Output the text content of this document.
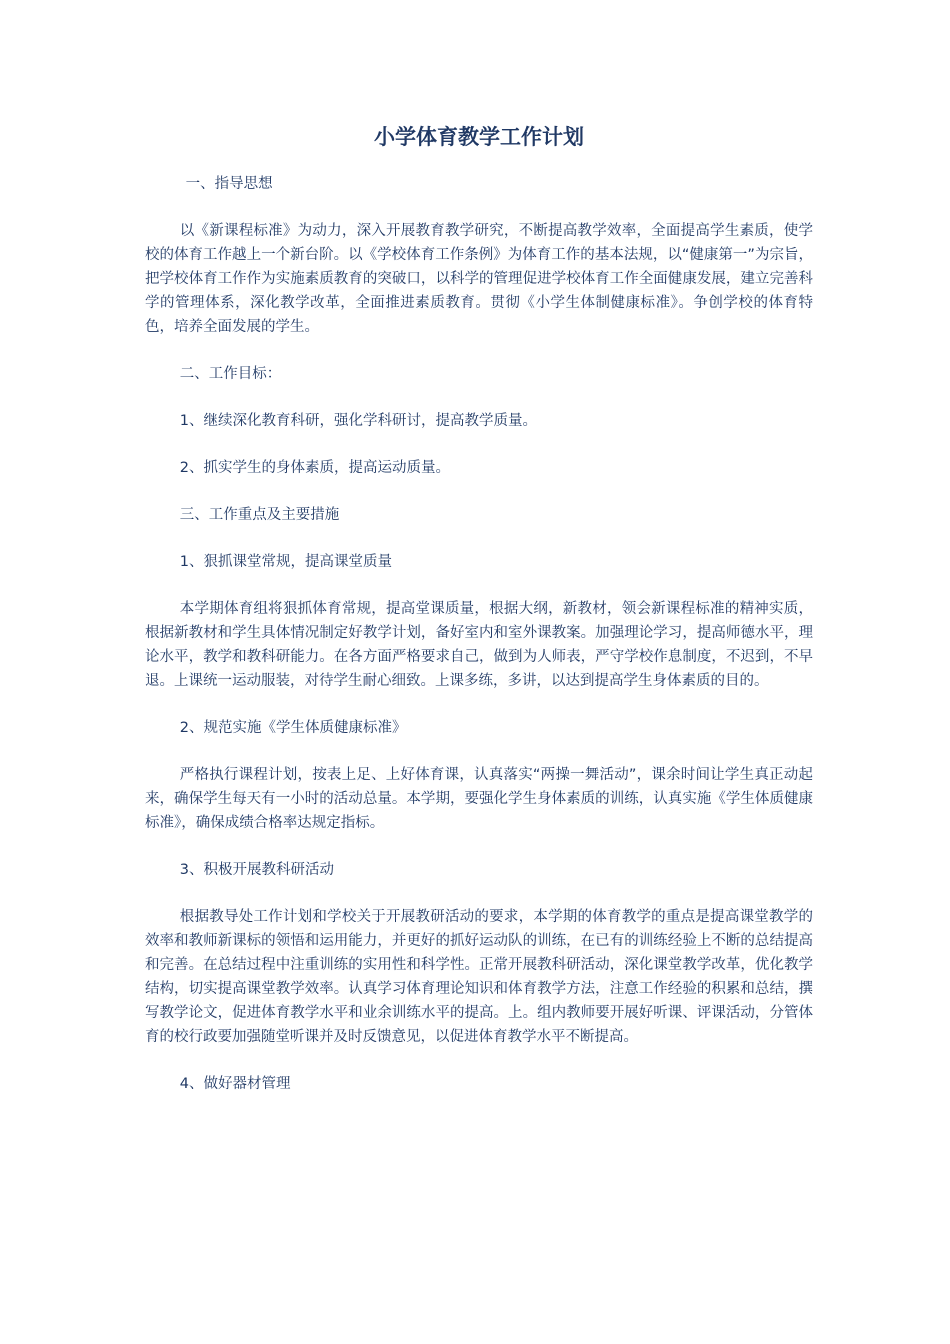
小学体育教学工作计划

一、指导思想

以《新课程标准》为动力，深入开展教育教学研究，不断提高教学效率，全面提高学生素质，使学校的体育工作越上一个新台阶。以《学校体育工作条例》为体育工作的基本法规，以“健康第一”为宗旨，把学校体育工作作为实施素质教育的突破口，以科学的管理促进学校体育工作全面健康发展，建立完善科学的管理体系，深化教学改革，全面推进素质教育。贯彻《小学生体制健康标准》。争创学校的体育特色，培养全面发展的学生。

二、工作目标：

1、继续深化教育科研，强化学科研讨，提高教学质量。

2、抓实学生的身体素质，提高运动质量。

三、工作重点及主要措施

1、狠抓课堂常规，提高课堂质量

本学期体育组将狠抓体育常规，提高堂课质量，根据大纲，新教材，领会新课程标准的精神实质，根据新教材和学生具体情况制定好教学计划，备好室内和室外课教案。加强理论学习，提高师德水平，理论水平，教学和教科研能力。在各方面严格要求自己，做到为人师表，严守学校作息制度，不迟到，不早退。上课统一运动服装，对待学生耐心细致。上课多练，多讲，以达到提高学生身体素质的目的。

2、规范实施《学生体质健康标准》

严格执行课程计划，按表上足、上好体育课，认真落实“两操一舞活动”，课余时间让学生真正动起来，确保学生每天有一小时的活动总量。本学期，要强化学生身体素质的训练，认真实施《学生体质健康标准》，确保成绩合格率达规定指标。

3、积极开展教科研活动

根据教导处工作计划和学校关于开展教研活动的要求，本学期的体育教学的重点是提高课堂教学的效率和教师新课标的领悟和运用能力，并更好的抓好运动队的训练，在已有的训练经验上不断的总结提高和完善。在总结过程中注重训练的实用性和科学性。正常开展教科研活动，深化课堂教学改革，优化教学结构，切实提高课堂教学效率。认真学习体育理论知识和体育教学方法，注意工作经验的积累和总结，撰写教学论文，促进体育教学水平和业余训练水平的提高。上。组内教师要开展好听课、评课活动，分管体育的校行政要加强随堂听课并及时反馈意见，以促进体育教学水平不断提高。

4、做好器材管理
